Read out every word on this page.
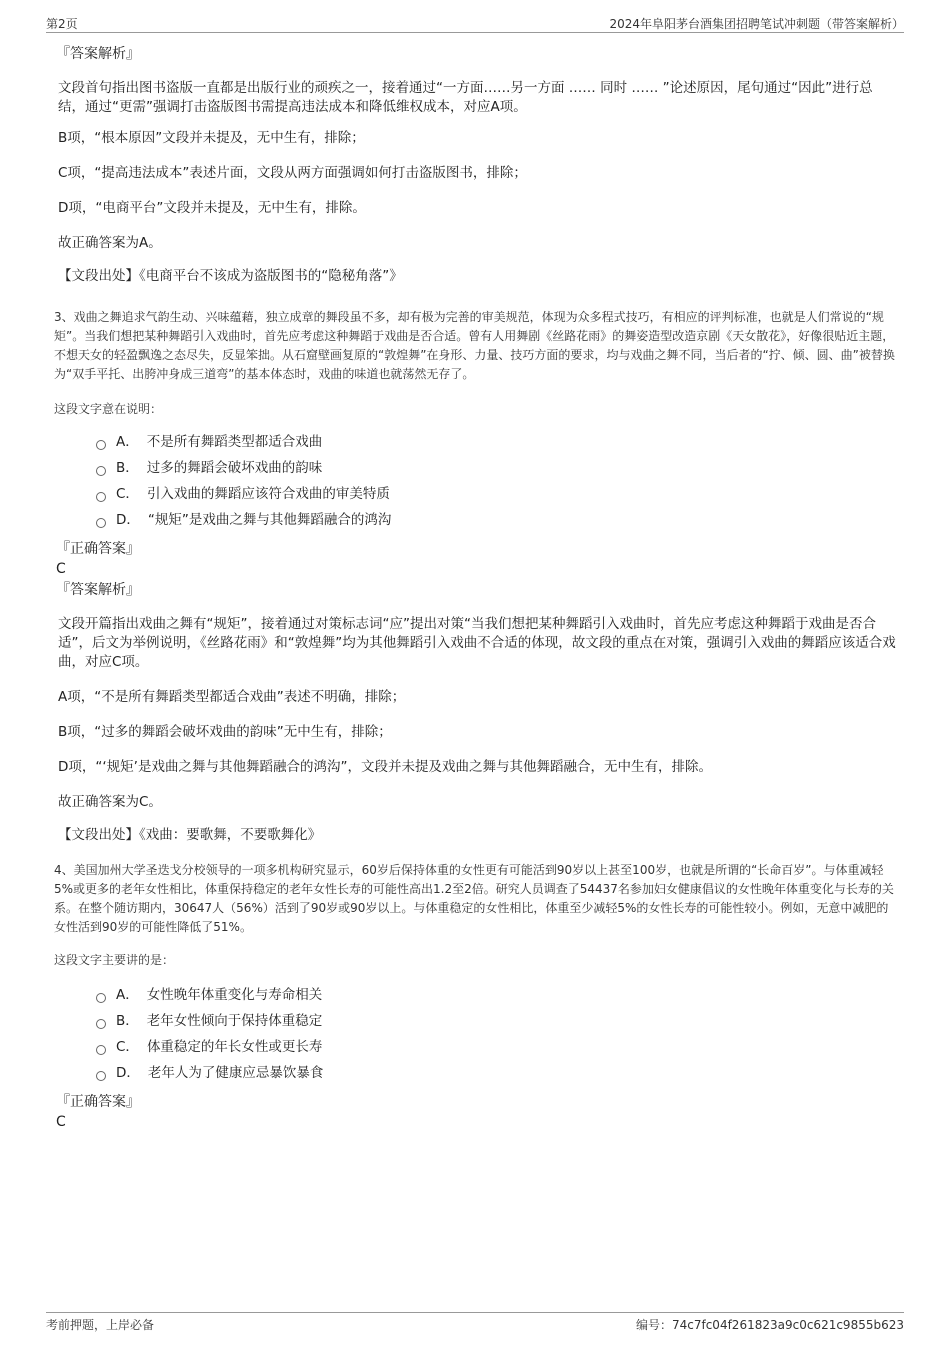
第2页	2024年阜阳茅台酒集团招聘笔试冲刺题（带答案解析）
『答案解析』

文段首句指出图书盗版一直都是出版行业的顽疾之一，接着通过“一方面……另一方面 …… 同时 …… ”论述原因，尾句通过“因此”进行总结，通过“更需”强调打击盗版图书需提高违法成本和降低维权成本，对应A项。

B项，“根本原因”文段并未提及，无中生有，排除；

C项，“提高违法成本”表述片面，文段从两方面强调如何打击盗版图书，排除；

D项，“电商平台”文段并未提及，无中生有，排除。

故正确答案为A。

【文段出处】《电商平台不该成为盗版图书的“隐秘角落”》

3、戏曲之舞追求气韵生动、兴味蕴藉，独立成章的舞段虽不多，却有极为完善的审美规范，体现为众多程式技巧，有相应的评判标准，也就是人们常说的“规矩”。当我们想把某种舞蹈引入戏曲时，首先应考虑这种舞蹈于戏曲是否合适。曾有人用舞剧《丝路花雨》的舞姿造型改造京剧《天女散花》，好像很贴近主题，不想天女的轻盈飘逸之态尽失，反显笨拙。从石窟壁画复原的“敦煌舞”在身形、力量、技巧方面的要求，均与戏曲之舞不同，当后者的“拧、倾、圆、曲”被替换为“双手平托、出胯冲身成三道弯”的基本体态时，戏曲的味道也就荡然无存了。

这段文字意在说明：

A． 不是所有舞蹈类型都适合戏曲
B． 过多的舞蹈会破坏戏曲的韵味
C． 引入戏曲的舞蹈应该符合戏曲的审美特质
D． “规矩”是戏曲之舞与其他舞蹈融合的鸿沟
『正确答案』
C
『答案解析』

文段开篇指出戏曲之舞有“规矩”，接着通过对策标志词“应”提出对策“当我们想把某种舞蹈引入戏曲时，首先应考虑这种舞蹈于戏曲是否合适”，后文为举例说明，《丝路花雨》和“敦煌舞”均为其他舞蹈引入戏曲不合适的体现，故文段的重点在对策，强调引入戏曲的舞蹈应该适合戏曲，对应C项。

A项，“不是所有舞蹈类型都适合戏曲”表述不明确，排除；

B项，“过多的舞蹈会破坏戏曲的韵味”无中生有，排除；

D项，“‘规矩’是戏曲之舞与其他舞蹈融合的鸿沟”，文段并未提及戏曲之舞与其他舞蹈融合，无中生有，排除。

故正确答案为C。

【文段出处】《戏曲：要歌舞，不要歌舞化》

4、美国加州大学圣迭戈分校领导的一项多机构研究显示，60岁后保持体重的女性更有可能活到90岁以上甚至100岁，也就是所谓的“长命百岁”。与体重减轻5%或更多的老年女性相比，体重保持稳定的老年女性长寿的可能性高出1.2至2倍。研究人员调查了54437名参加妇女健康倡议的女性晚年体重变化与长寿的关系。在整个随访期内，30647人（56%）活到了90岁或90岁以上。与体重稳定的女性相比，体重至少减轻5%的女性长寿的可能性较小。例如，无意中减肥的女性活到90岁的可能性降低了51%。

这段文字主要讲的是：

A． 女性晚年体重变化与寿命相关
B． 老年女性倾向于保持体重稳定
C． 体重稳定的年长女性或更长寿
D． 老年人为了健康应忌暴饮暴食
『正确答案』
C
考前押题，上岸必备	编号：74c7fc04f261823a9c0c621c9855b623
